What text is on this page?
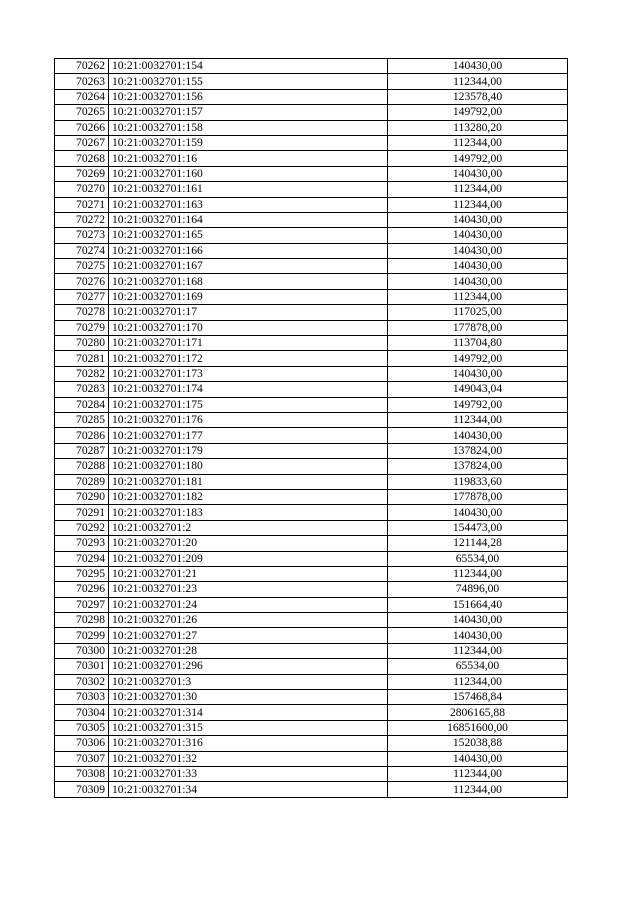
70262	10:21:0032701:154	140430,00
70263	10:21:0032701:155	112344,00
70264	10:21:0032701:156	123578,40
70265	10:21:0032701:157	149792,00
70266	10:21:0032701:158	113280,20
70267	10:21:0032701:159	112344,00
70268	10:21:0032701:16	149792,00
70269	10:21:0032701:160	140430,00
70270	10:21:0032701:161	112344,00
70271	10:21:0032701:163	112344,00
70272	10:21:0032701:164	140430,00
70273	10:21:0032701:165	140430,00
70274	10:21:0032701:166	140430,00
70275	10:21:0032701:167	140430,00
70276	10:21:0032701:168	140430,00
70277	10:21:0032701:169	112344,00
70278	10:21:0032701:17	117025,00
70279	10:21:0032701:170	177878,00
70280	10:21:0032701:171	113704,80
70281	10:21:0032701:172	149792,00
70282	10:21:0032701:173	140430,00
70283	10:21:0032701:174	149043,04
70284	10:21:0032701:175	149792,00
70285	10:21:0032701:176	112344,00
70286	10:21:0032701:177	140430,00
70287	10:21:0032701:179	137824,00
70288	10:21:0032701:180	137824,00
70289	10:21:0032701:181	119833,60
70290	10:21:0032701:182	177878,00
70291	10:21:0032701:183	140430,00
70292	10:21:0032701:2	154473,00
70293	10:21:0032701:20	121144,28
70294	10:21:0032701:209	65534,00
70295	10:21:0032701:21	112344,00
70296	10:21:0032701:23	74896,00
70297	10:21:0032701:24	151664,40
70298	10:21:0032701:26	140430,00
70299	10:21:0032701:27	140430,00
70300	10:21:0032701:28	112344,00
70301	10:21:0032701:296	65534,00
70302	10:21:0032701:3	112344,00
70303	10:21:0032701:30	157468,84
70304	10:21:0032701:314	2806165,88
70305	10:21:0032701:315	16851600,00
70306	10:21:0032701:316	152038,88
70307	10:21:0032701:32	140430,00
70308	10:21:0032701:33	112344,00
70309	10:21:0032701:34	112344,00
